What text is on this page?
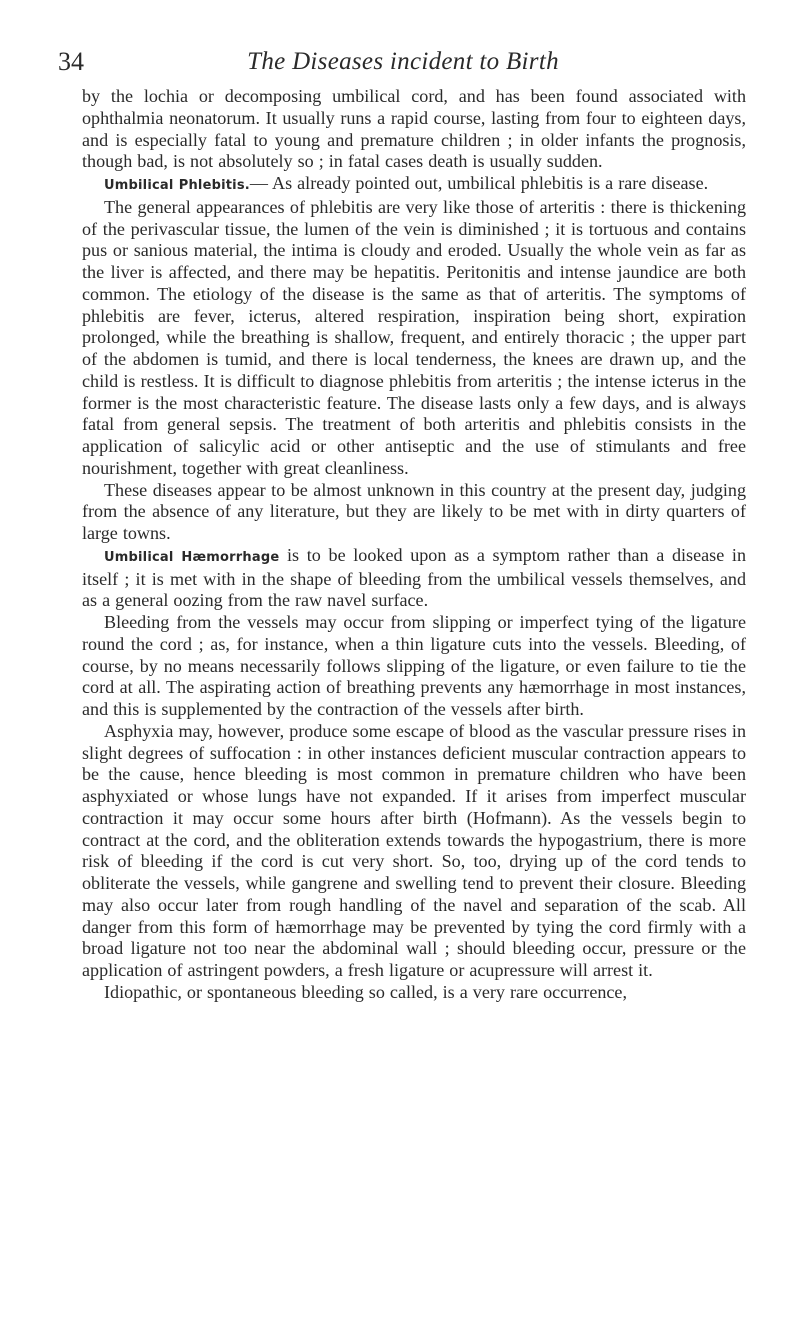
34	The Diseases incident to Birth

by the lochia or decomposing umbilical cord, and has been found associated with ophthalmia neonatorum. It usually runs a rapid course, lasting from four to eighteen days, and is especially fatal to young and premature children ; in older infants the prognosis, though bad, is not absolutely so ; in fatal cases death is usually sudden.

Umbilical Phlebitis.— As already pointed out, umbilical phlebitis is a rare disease.

The general appearances of phlebitis are very like those of arteritis : there is thickening of the perivascular tissue, the lumen of the vein is diminished ; it is tortuous and contains pus or sanious material, the intima is cloudy and eroded. Usually the whole vein as far as the liver is affected, and there may be hepatitis. Peritonitis and intense jaundice are both common. The etiology of the disease is the same as that of arteritis. The symptoms of phlebitis are fever, icterus, altered respiration, inspiration being short, expiration prolonged, while the breathing is shallow, frequent, and entirely thoracic ; the upper part of the abdomen is tumid, and there is local tenderness, the knees are drawn up, and the child is restless. It is difficult to diagnose phlebitis from arteritis ; the intense icterus in the former is the most characteristic feature. The disease lasts only a few days, and is always fatal from general sepsis. The treatment of both arteritis and phlebitis consists in the application of salicylic acid or other antiseptic and the use of stimulants and free nourishment, together with great cleanliness.

These diseases appear to be almost unknown in this country at the present day, judging from the absence of any literature, but they are likely to be met with in dirty quarters of large towns.

Umbilical Hæmorrhage is to be looked upon as a symptom rather than a disease in itself ; it is met with in the shape of bleeding from the umbilical vessels themselves, and as a general oozing from the raw navel surface.

Bleeding from the vessels may occur from slipping or imperfect tying of the ligature round the cord ; as, for instance, when a thin ligature cuts into the vessels. Bleeding, of course, by no means necessarily follows slipping of the ligature, or even failure to tie the cord at all. The aspirating action of breathing prevents any hæmorrhage in most instances, and this is supplemented by the contraction of the vessels after birth.

Asphyxia may, however, produce some escape of blood as the vascular pressure rises in slight degrees of suffocation : in other instances deficient muscular contraction appears to be the cause, hence bleeding is most common in premature children who have been asphyxiated or whose lungs have not expanded. If it arises from imperfect muscular contraction it may occur some hours after birth (Hofmann). As the vessels begin to contract at the cord, and the obliteration extends towards the hypogastrium, there is more risk of bleeding if the cord is cut very short. So, too, drying up of the cord tends to obliterate the vessels, while gangrene and swelling tend to prevent their closure. Bleeding may also occur later from rough handling of the navel and separation of the scab. All danger from this form of hæmorrhage may be prevented by tying the cord firmly with a broad ligature not too near the abdominal wall ; should bleeding occur, pressure or the application of astringent powders, a fresh ligature or acupressure will arrest it.

Idiopathic, or spontaneous bleeding so called, is a very rare occurrence,
